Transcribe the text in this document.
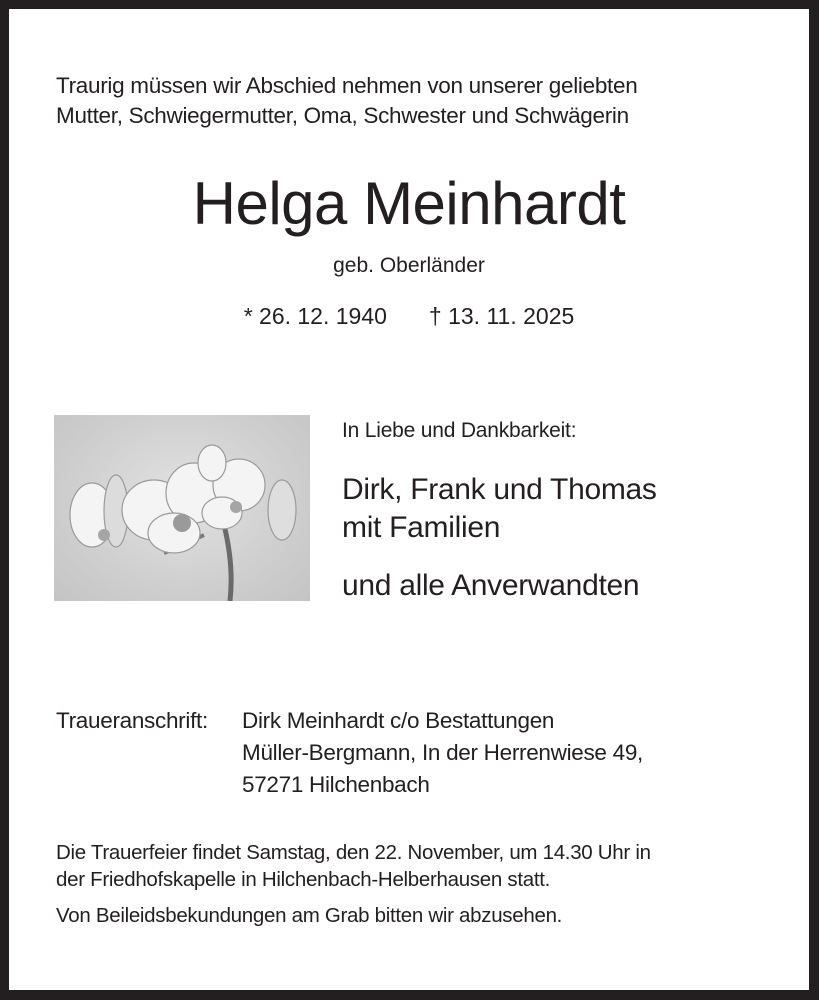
Traurig müssen wir Abschied nehmen von unserer geliebten
Mutter, Schwiegermutter, Oma, Schwester und Schwägerin
Helga Meinhardt
geb. Oberländer
* 26. 12. 1940 † 13. 11. 2025
In Liebe und Dankbarkeit:
Dirk, Frank und Thomas
mit Familien
und alle Anverwandten
Traueranschrift: Dirk Meinhardt c/o Bestattungen
Müller-Bergmann, In der Herrenwiese 49,
57271 Hilchenbach
Die Trauerfeier findet Samstag, den 22. November, um 14.30 Uhr in
der Friedhofskapelle in Hilchenbach-Helberhausen statt.
Von Beileidsbekundungen am Grab bitten wir abzusehen.
